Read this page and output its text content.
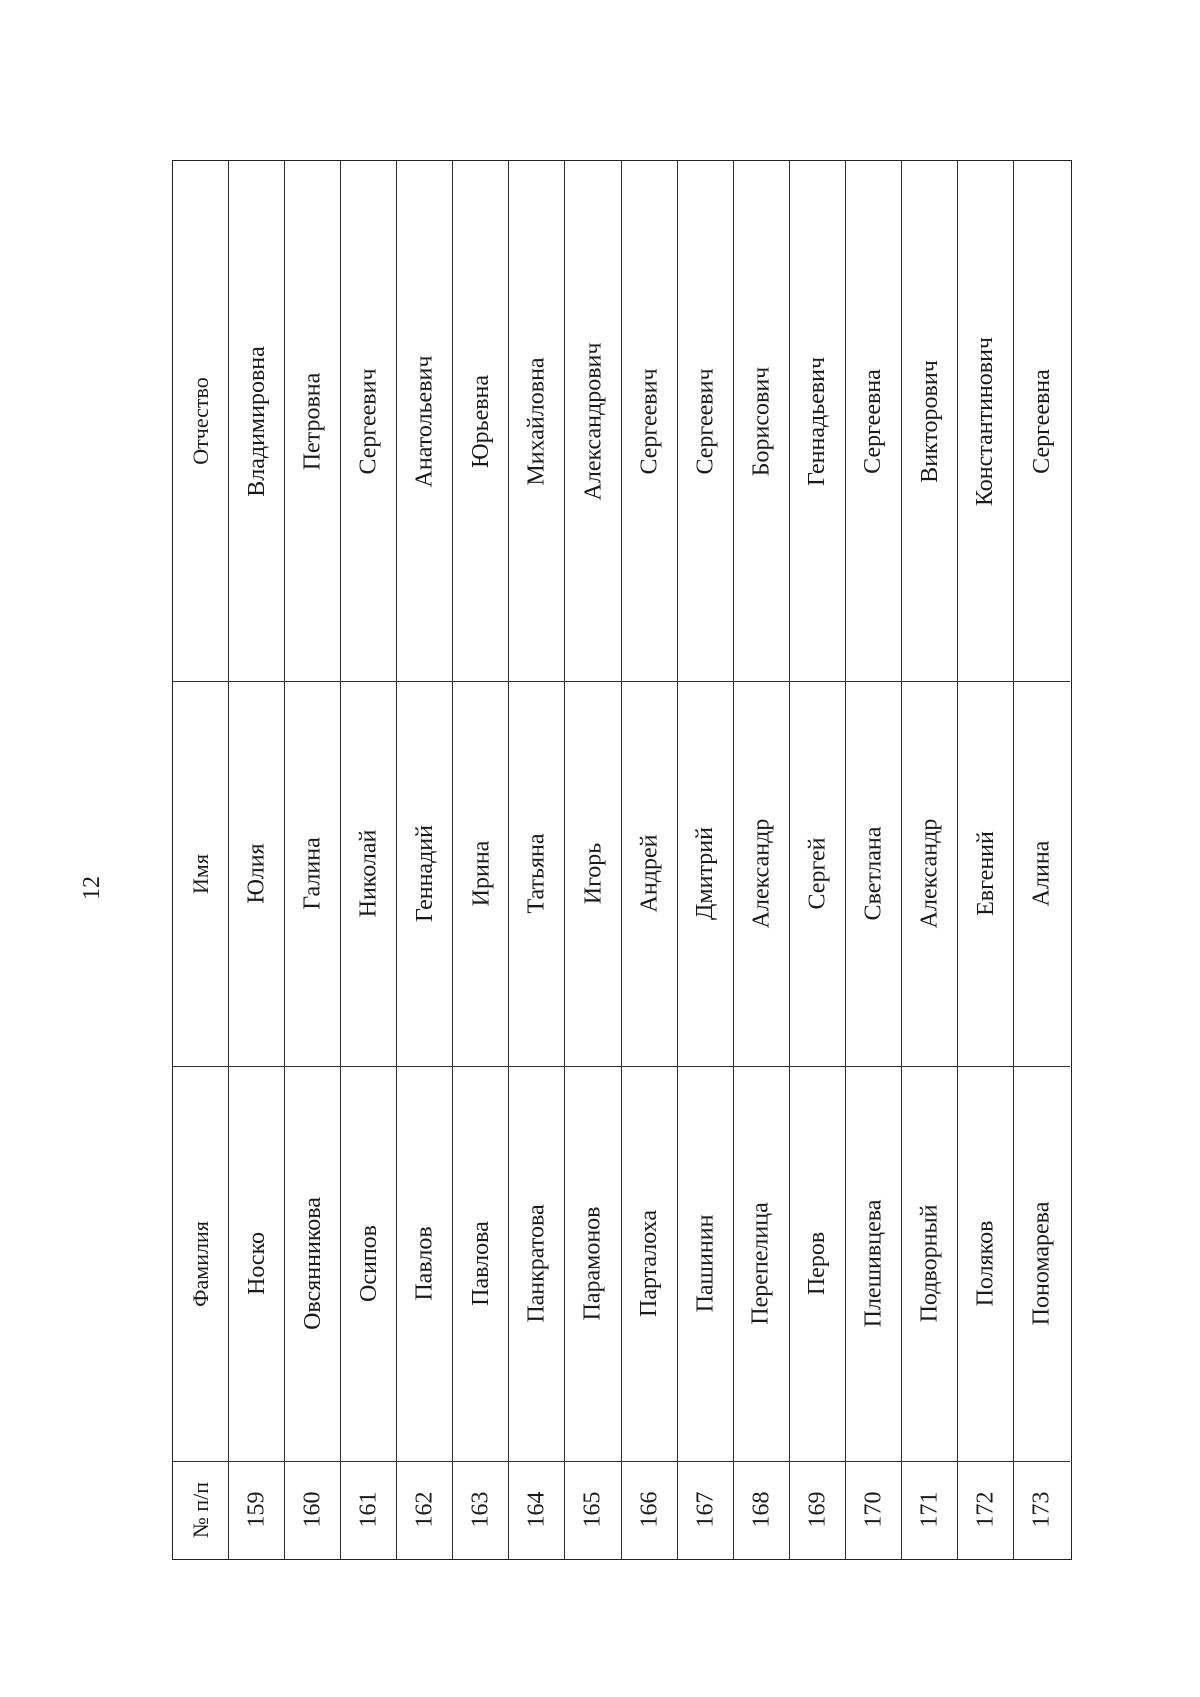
12
№ п/п
Фамилия
Имя
Отчество
159
Носко
Юлия
Владимировна
160
Овсянникова
Галина
Петровна
161
Осипов
Николай
Сергеевич
162
Павлов
Геннадий
Анатольевич
163
Павлова
Ирина
Юрьевна
164
Панкратова
Татьяна
Михайловна
165
Парамонов
Игорь
Александрович
166
Парталоха
Андрей
Сергеевич
167
Пашинин
Дмитрий
Сергеевич
168
Перепелица
Александр
Борисович
169
Перов
Сергей
Геннадьевич
170
Плешивцева
Светлана
Сергеевна
171
Подворный
Александр
Викторович
172
Поляков
Евгений
Константинович
173
Пономарева
Алина
Сергеевна
